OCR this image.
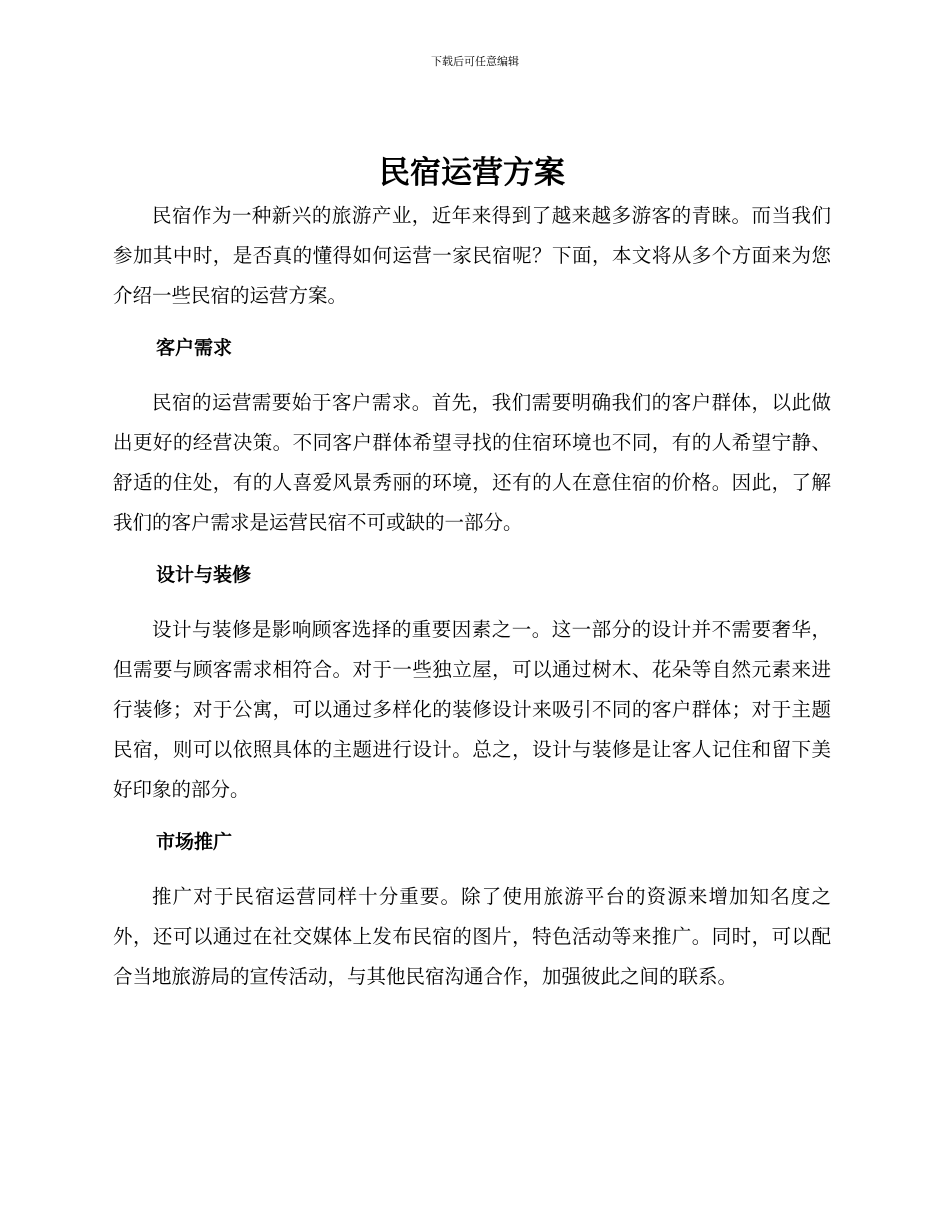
下载后可任意编辑
民宿运营方案

民宿作为一种新兴的旅游产业，近年来得到了越来越多游客的青睐。而当我们参加其中时，是否真的懂得如何运营一家民宿呢？下面，本文将从多个方面来为您介绍一些民宿的运营方案。

客户需求

民宿的运营需要始于客户需求。首先，我们需要明确我们的客户群体，以此做出更好的经营决策。不同客户群体希望寻找的住宿环境也不同，有的人希望宁静、舒适的住处，有的人喜爱风景秀丽的环境，还有的人在意住宿的价格。因此，了解我们的客户需求是运营民宿不可或缺的一部分。

设计与装修

设计与装修是影响顾客选择的重要因素之一。这一部分的设计并不需要奢华，但需要与顾客需求相符合。对于一些独立屋，可以通过树木、花朵等自然元素来进行装修；对于公寓，可以通过多样化的装修设计来吸引不同的客户群体；对于主题民宿，则可以依照具体的主题进行设计。总之，设计与装修是让客人记住和留下美好印象的部分。

市场推广

推广对于民宿运营同样十分重要。除了使用旅游平台的资源来增加知名度之外，还可以通过在社交媒体上发布民宿的图片，特色活动等来推广。同时，可以配合当地旅游局的宣传活动，与其他民宿沟通合作，加强彼此之间的联系。
